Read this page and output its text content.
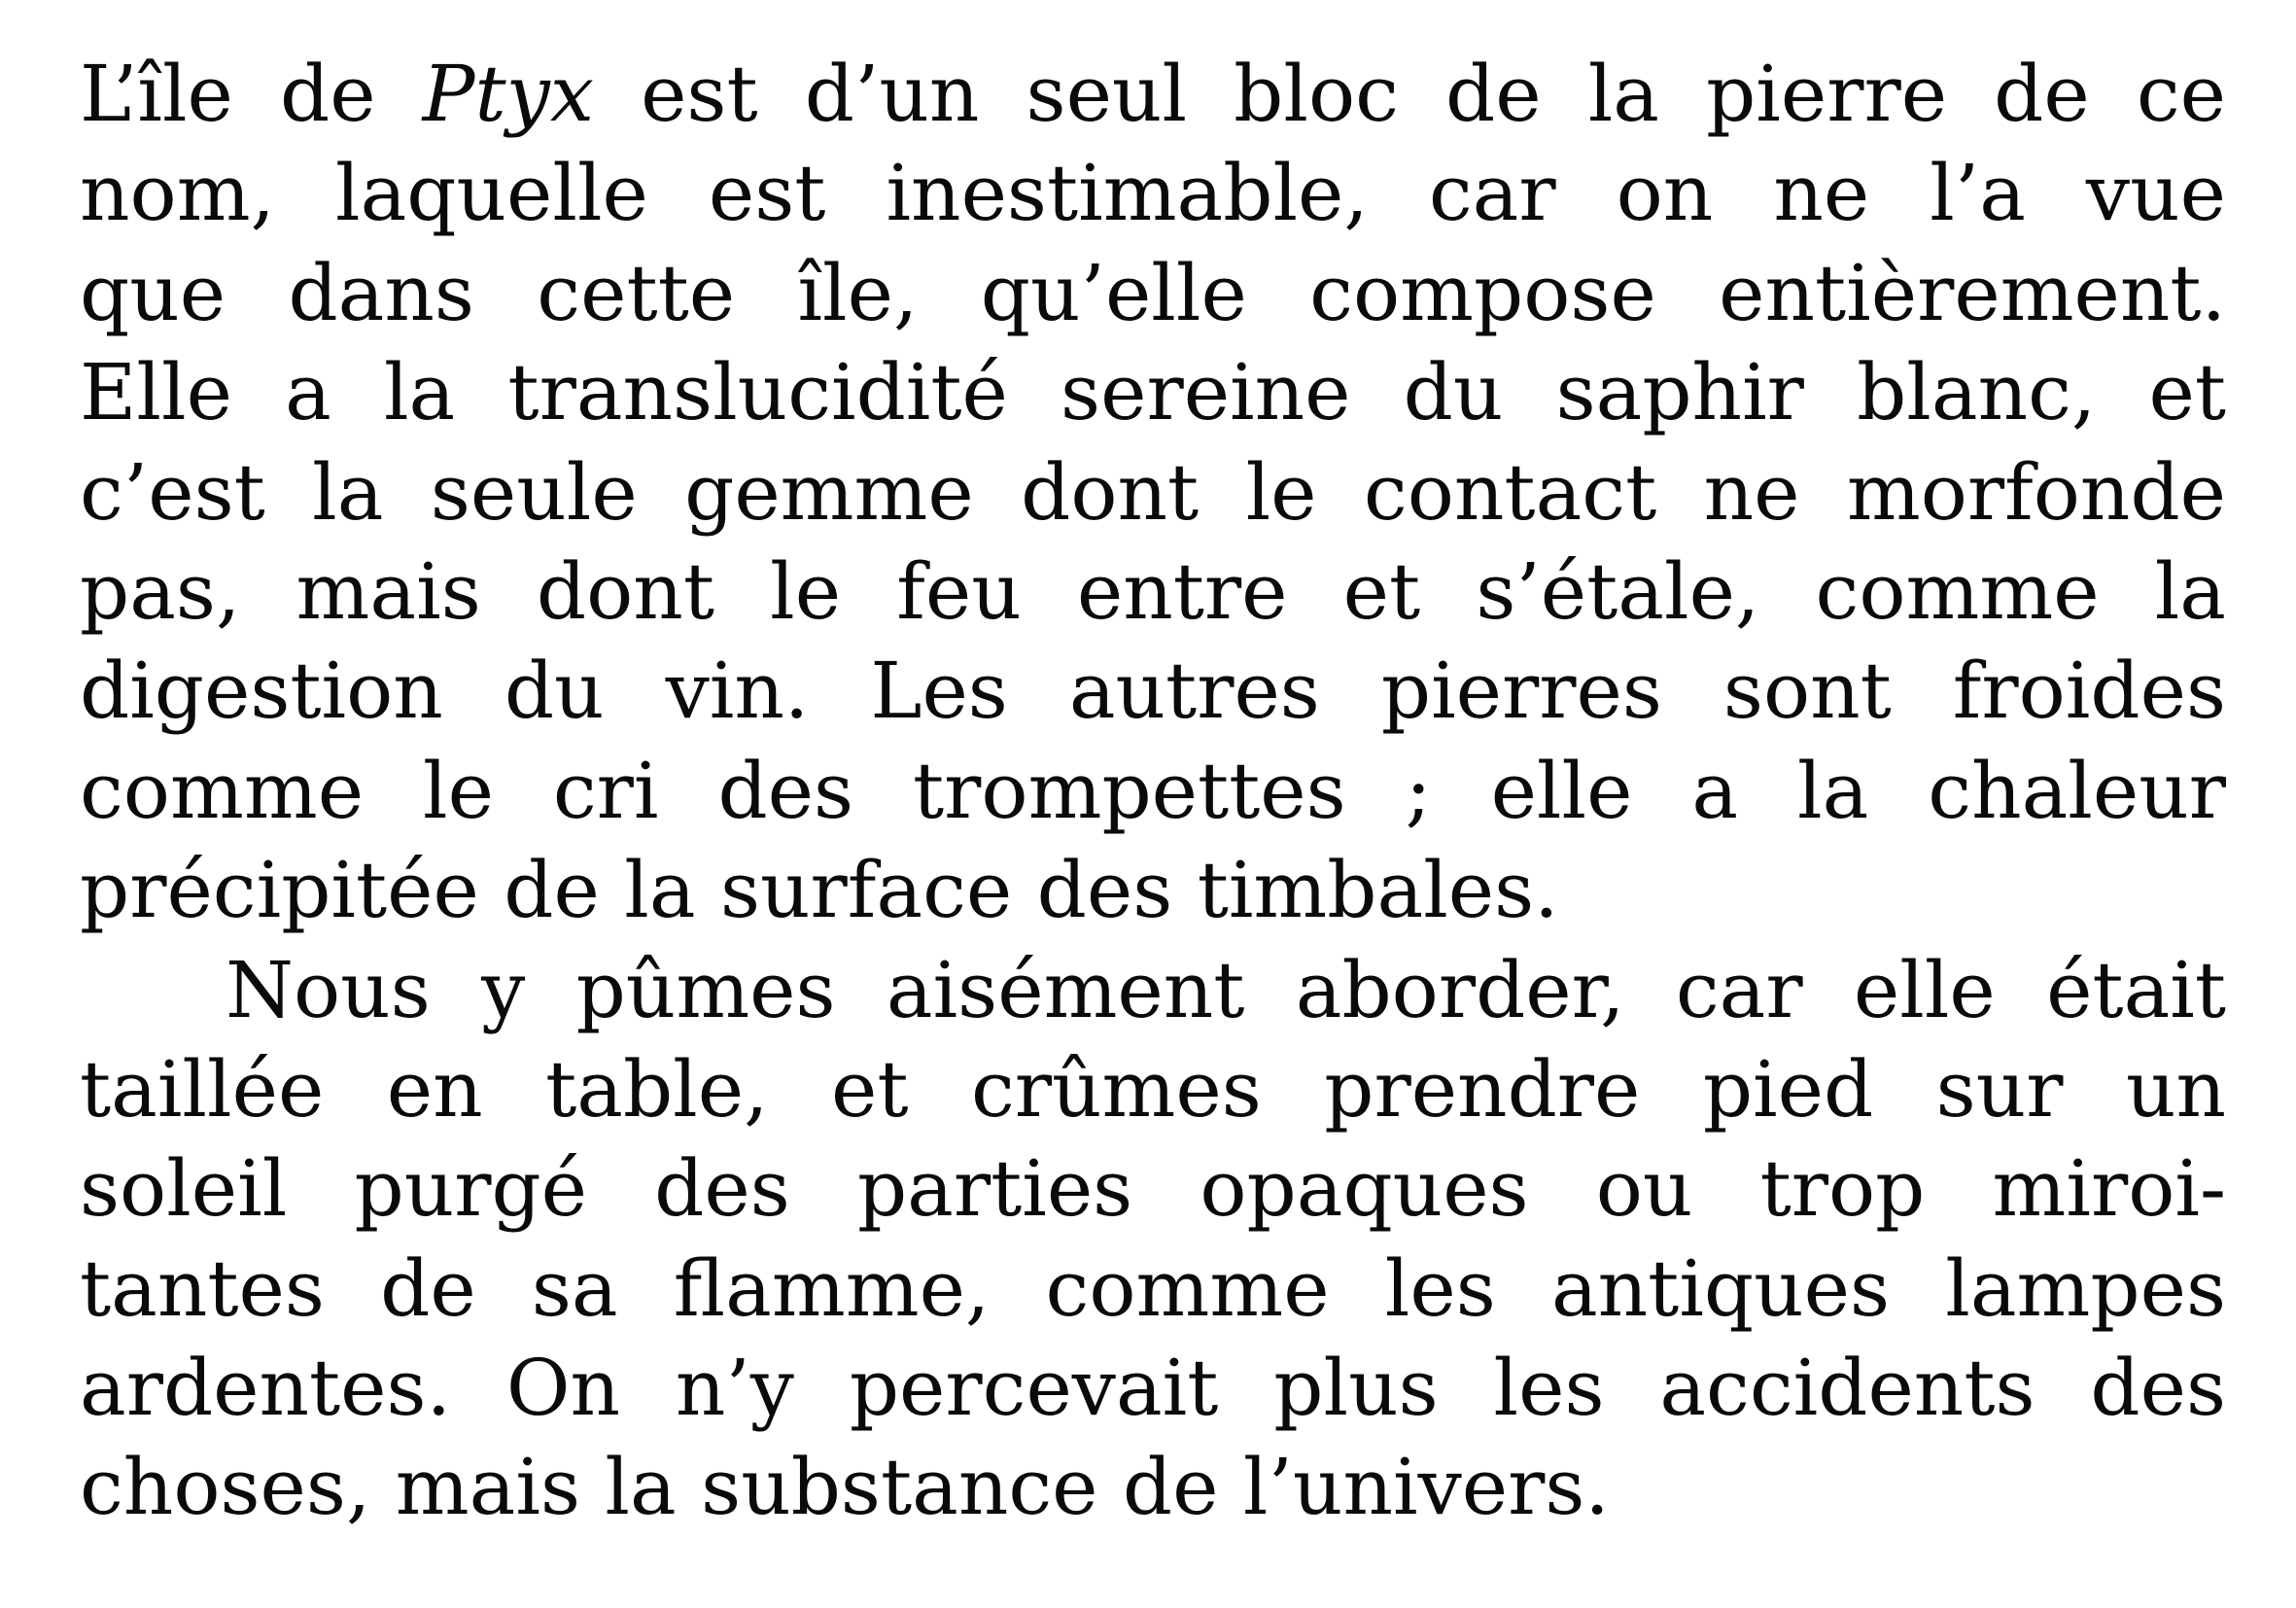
L’île de Ptyx est d’un seul bloc de la pierre de ce
nom, laquelle est inestimable, car on ne l’a vue
que dans cette île, qu’elle compose entièrement.
Elle a la translucidité sereine du saphir blanc, et
c’est la seule gemme dont le contact ne morfonde
pas, mais dont le feu entre et s’étale, comme la
digestion du vin. Les autres pierres sont froides
comme le cri des trompettes ; elle a la chaleur
précipitée de la surface des timbales.
Nous y pûmes aisément aborder, car elle était
taillée en table, et crûmes prendre pied sur un
soleil purgé des parties opaques ou trop miroi-
tantes de sa flamme, comme les antiques lampes
ardentes. On n’y percevait plus les accidents des
choses, mais la substance de l’univers.
